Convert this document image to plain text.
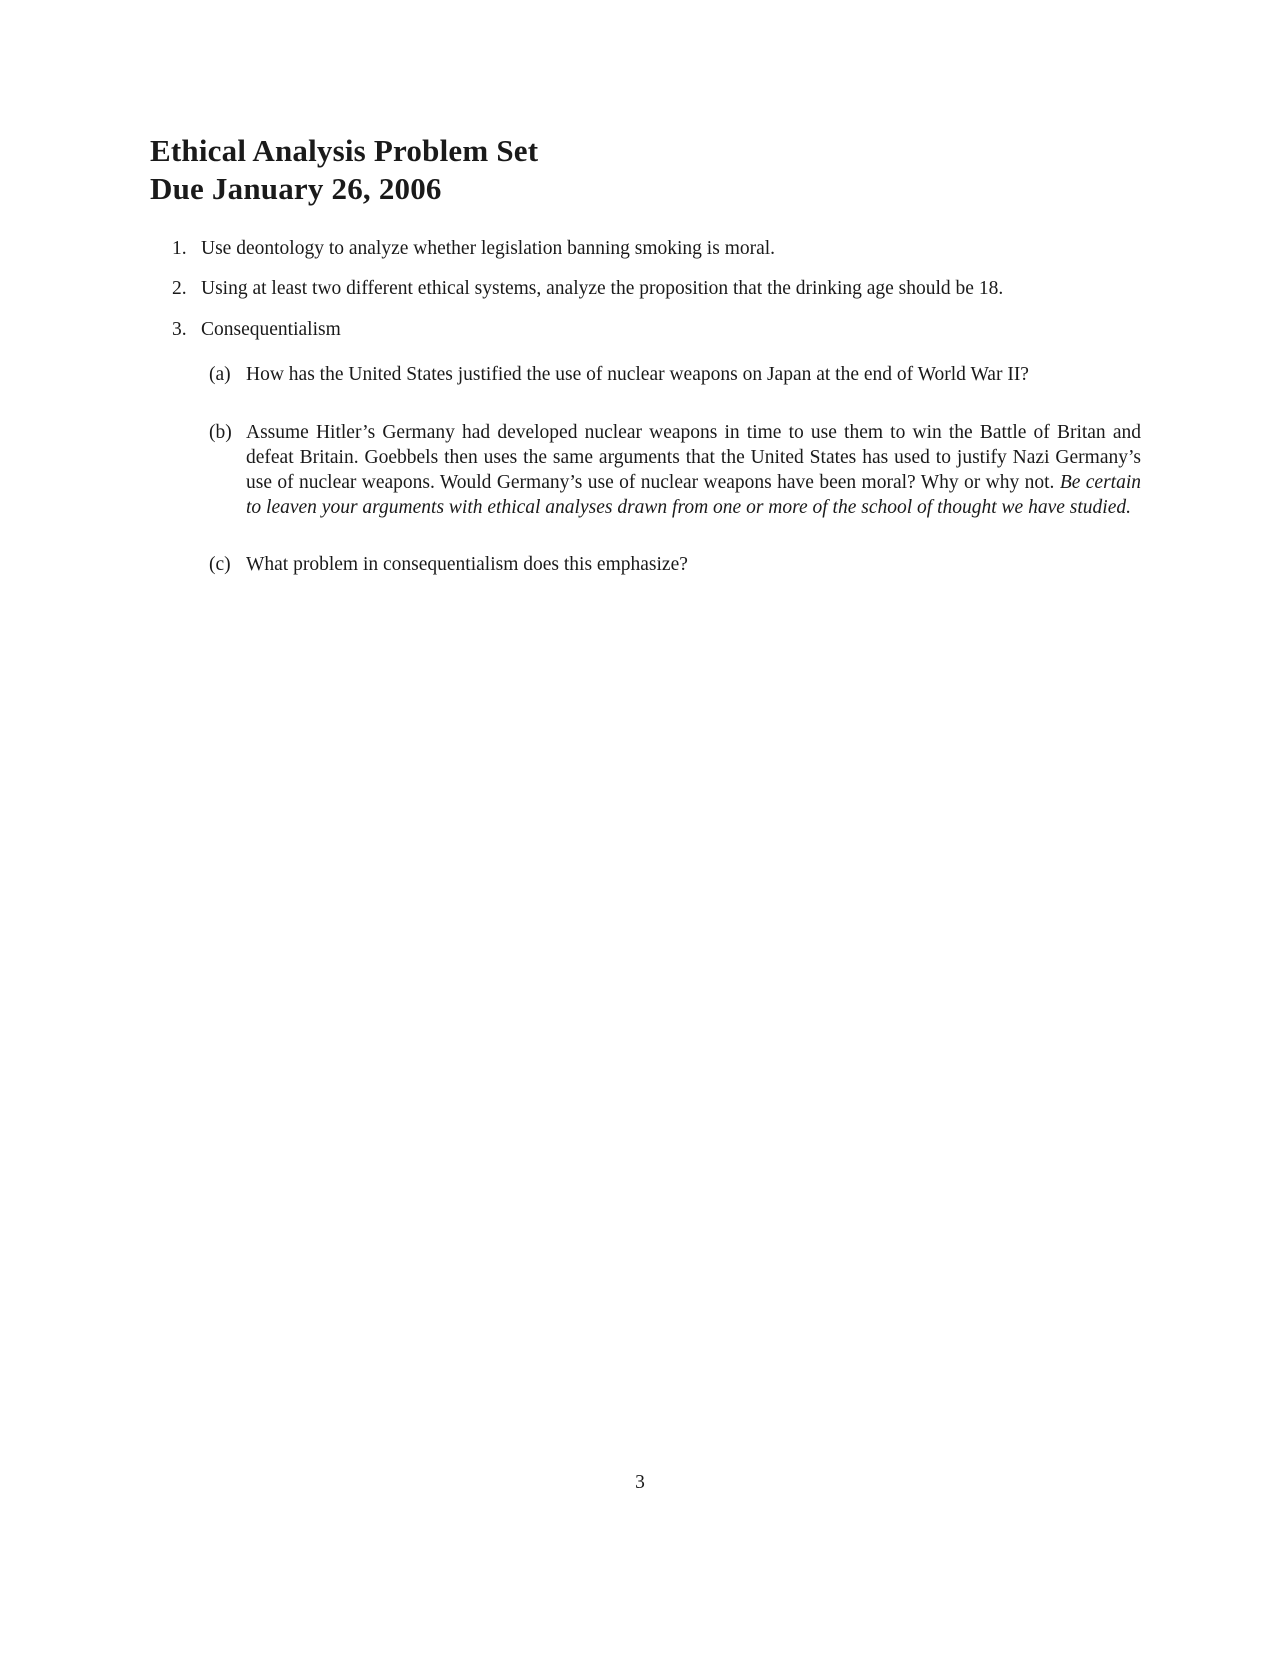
Ethical Analysis Problem Set
Due January 26, 2006
1. Use deontology to analyze whether legislation banning smoking is moral.
2. Using at least two different ethical systems, analyze the proposition that the drinking age should be 18.
3. Consequentialism
(a) How has the United States justified the use of nuclear weapons on Japan at the end of World War II?
(b) Assume Hitler’s Germany had developed nuclear weapons in time to use them to win the Battle of Britan and defeat Britain. Goebbels then uses the same arguments that the United States has used to justify Nazi Germany’s use of nuclear weapons. Would Germany’s use of nuclear weapons have been moral? Why or why not. Be certain to leaven your arguments with ethical analyses drawn from one or more of the school of thought we have studied.
(c) What problem in consequentialism does this emphasize?
3
